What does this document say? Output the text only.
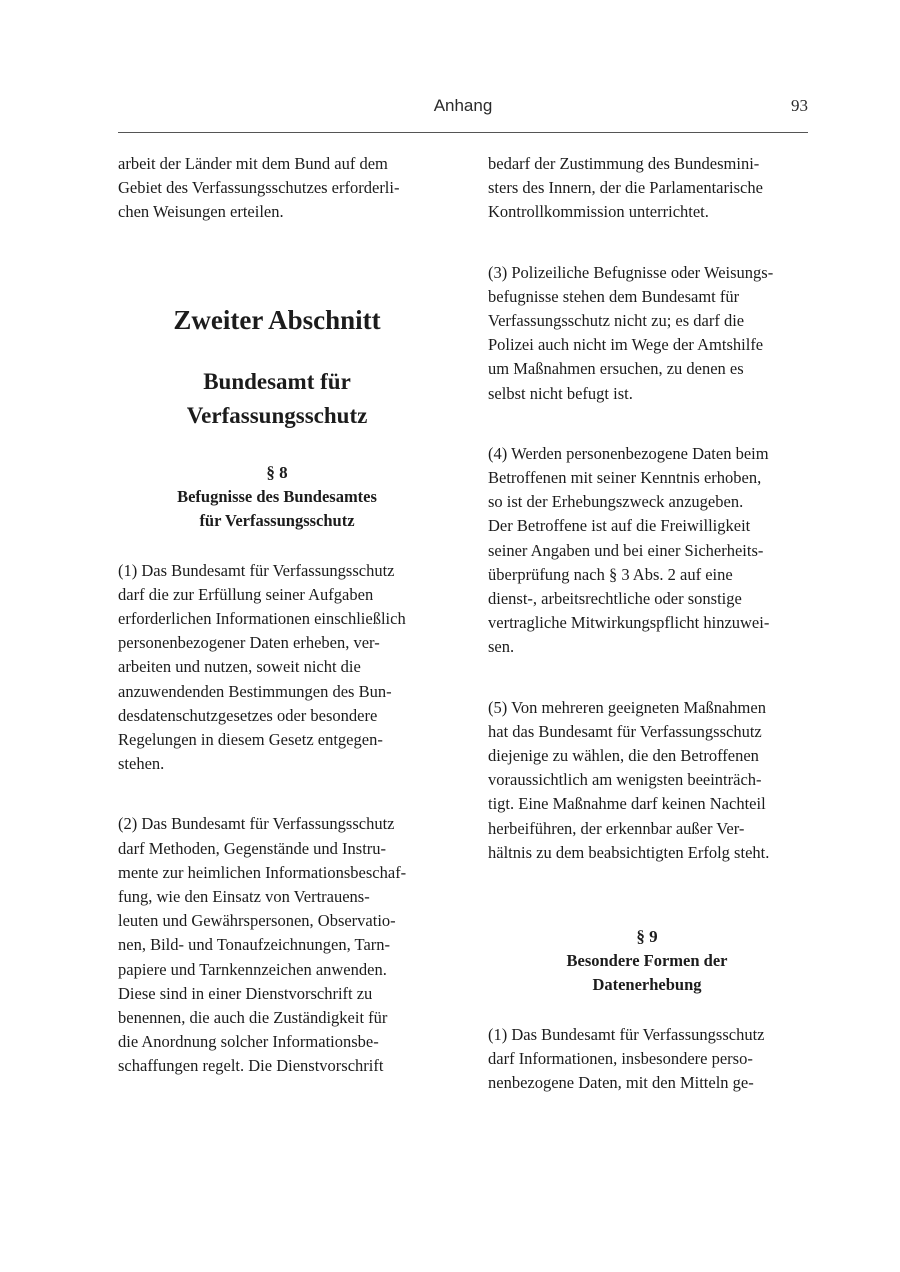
Anhang	93

arbeit der Länder mit dem Bund auf dem
Gebiet des Verfassungsschutzes erforderli-
chen Weisungen erteilen.

Zweiter Abschnitt
Bundesamt für
Verfassungsschutz
§ 8
Befugnisse des Bundesamtes
für Verfassungsschutz

(1) Das Bundesamt für Verfassungsschutz
darf die zur Erfüllung seiner Aufgaben
erforderlichen Informationen einschließlich
personenbezogener Daten erheben, ver-
arbeiten und nutzen, soweit nicht die
anzuwendenden Bestimmungen des Bun-
desdatenschutzgesetzes oder besondere
Regelungen in diesem Gesetz entgegen-
stehen.

(2) Das Bundesamt für Verfassungsschutz
darf Methoden, Gegenstände und Instru-
mente zur heimlichen Informationsbeschaf-
fung, wie den Einsatz von Vertrauens-
leuten und Gewährspersonen, Observatio-
nen, Bild- und Tonaufzeichnungen, Tarn-
papiere und Tarnkennzeichen anwenden.
Diese sind in einer Dienstvorschrift zu
benennen, die auch die Zuständigkeit für
die Anordnung solcher Informationsbe-
schaffungen regelt. Die Dienstvorschrift

bedarf der Zustimmung des Bundesmini-
sters des Innern, der die Parlamentarische
Kontrollkommission unterrichtet.

(3) Polizeiliche Befugnisse oder Weisungs-
befugnisse stehen dem Bundesamt für
Verfassungsschutz nicht zu; es darf die
Polizei auch nicht im Wege der Amtshilfe
um Maßnahmen ersuchen, zu denen es
selbst nicht befugt ist.

(4) Werden personenbezogene Daten beim
Betroffenen mit seiner Kenntnis erhoben,
so ist der Erhebungszweck anzugeben.
Der Betroffene ist auf die Freiwilligkeit
seiner Angaben und bei einer Sicherheits-
überprüfung nach § 3 Abs. 2 auf eine
dienst-, arbeitsrechtliche oder sonstige
vertragliche Mitwirkungspflicht hinzuwei-
sen.

(5) Von mehreren geeigneten Maßnahmen
hat das Bundesamt für Verfassungsschutz
diejenige zu wählen, die den Betroffenen
voraussichtlich am wenigsten beeinträch-
tigt. Eine Maßnahme darf keinen Nachteil
herbeiführen, der erkennbar außer Ver-
hältnis zu dem beabsichtigten Erfolg steht.

§ 9
Besondere Formen der
Datenerhebung

(1) Das Bundesamt für Verfassungsschutz
darf Informationen, insbesondere perso-
nenbezogene Daten, mit den Mitteln ge-
